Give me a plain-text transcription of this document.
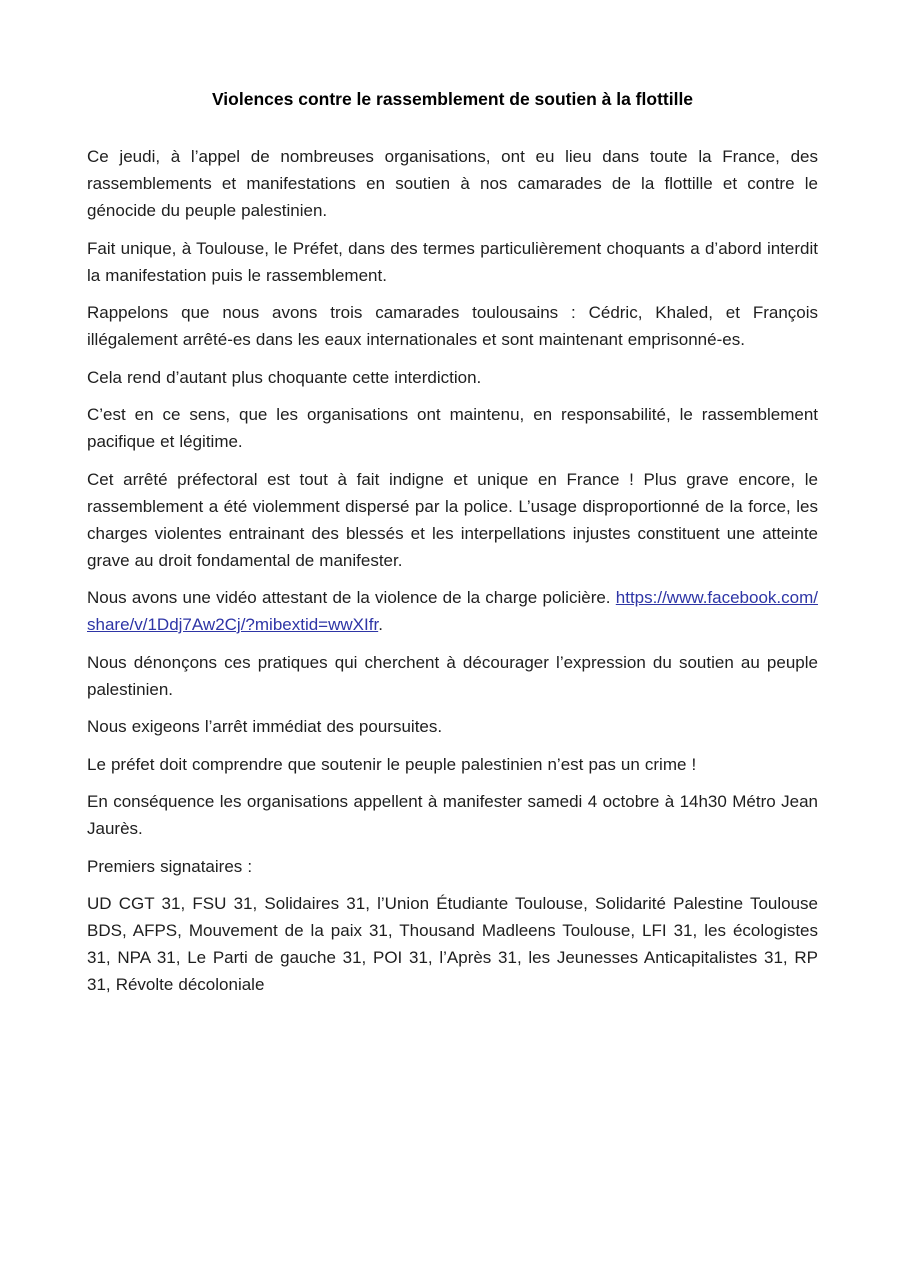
Violences contre le rassemblement de soutien à la flottille

Ce jeudi, à l’appel de nombreuses organisations, ont eu lieu dans toute la France, des rassemblements et manifestations en soutien à nos camarades de la flottille et contre le génocide du peuple palestinien.

Fait unique, à Toulouse, le Préfet, dans des termes particulièrement choquants a d’abord interdit la manifestation puis le rassemblement.

Rappelons que nous avons trois camarades toulousains : Cédric, Khaled, et François illégalement arrêté-es dans les eaux internationales et sont maintenant emprisonné-es.

Cela rend d’autant plus choquante cette interdiction.

C’est en ce sens, que les organisations ont maintenu, en responsabilité, le rassemblement pacifique et légitime.

Cet arrêté préfectoral est tout à fait indigne et unique en France ! Plus grave encore, le rassemblement a été violemment dispersé par la police. L’usage disproportionné de la force, les charges violentes entrainant des blessés et les interpellations injustes constituent une atteinte grave au droit fondamental de manifester.

Nous avons une vidéo attestant de la violence de la charge policière. https://www.facebook.com/share/v/1Ddj7Aw2Cj/?mibextid=wwXIfr.

Nous dénonçons ces pratiques qui cherchent à décourager l’expression du soutien au peuple palestinien.

Nous exigeons l’arrêt immédiat des poursuites.

Le préfet doit comprendre que soutenir le peuple palestinien n’est pas un crime !

En conséquence les organisations appellent à manifester samedi 4 octobre à 14h30 Métro Jean Jaurès.

Premiers signataires :

UD CGT 31, FSU 31, Solidaires 31, l’Union Étudiante Toulouse, Solidarité Palestine Toulouse BDS, AFPS, Mouvement de la paix 31, Thousand Madleens Toulouse, LFI 31, les écologistes 31, NPA 31, Le Parti de gauche 31, POI 31, l’Après 31, les Jeunesses Anticapitalistes 31, RP 31, Révolte décoloniale
